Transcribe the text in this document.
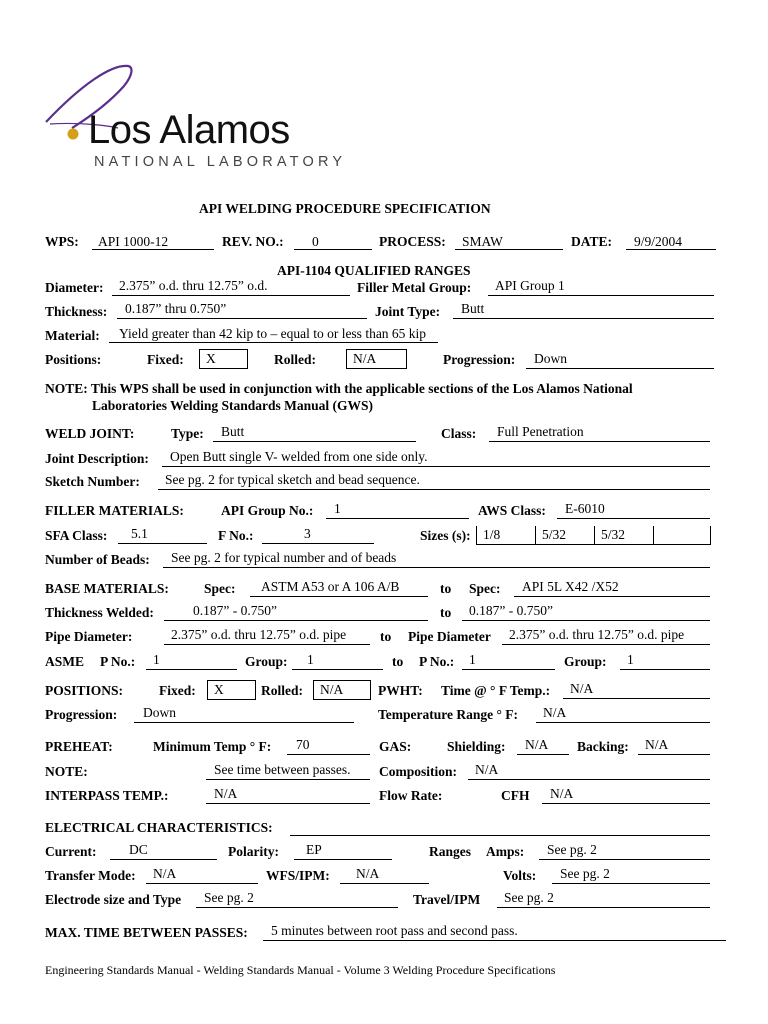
Los Alamos
NATIONAL LABORATORY
API WELDING PROCEDURE SPECIFICATION
WPS: API 1000-12	REV. NO.: 0	PROCESS: SMAW	DATE: 9/9/2004
API-1104 QUALIFIED RANGES
Diameter: 2.375” o.d. thru 12.75” o.d.	Filler Metal Group: API Group 1
Thickness: 0.187” thru 0.750”	Joint Type: Butt
Material: Yield greater than 42 kip to – equal to or less than 65 kip
Positions:	Fixed:	X	Rolled:	N/A	Progression: Down
NOTE: This WPS shall be used in conjunction with the applicable sections of the Los Alamos National
Laboratories Welding Standards Manual (GWS)
WELD JOINT:	Type: Butt	Class: Full Penetration
Joint Description: Open Butt single V- welded from one side only.
Sketch Number: See pg. 2 for typical sketch and bead sequence.
FILLER MATERIALS:	API Group No.: 1	AWS Class: E-6010
SFA Class: 5.1	F No.:	3	Sizes (s): 1/8	5/32	5/32
Number of Beads: See pg. 2 for typical number and of beads
BASE MATERIALS:	Spec: ASTM A53 or A 106 A/B	to Spec: API 5L X42 /X52
Thickness Welded:	0.187” - 0.750”	to 0.187” - 0.750”
Pipe Diameter:	2.375” o.d. thru 12.75” o.d. pipe	to Pipe Diameter 2.375” o.d. thru 12.75” o.d. pipe
ASME P No.: 1	Group: 1	to P No.: 1	Group: 1
POSITIONS:	Fixed:	X	Rolled:	N/A	PWHT: Time @ ° F Temp.: N/A
Progression: Down	Temperature Range ° F: N/A
PREHEAT:	Minimum Temp ° F: 70	GAS:	Shielding: N/A Backing: N/A
NOTE:	See time between passes. Composition: N/A
INTERPASS TEMP.:	N/A	Flow Rate:	CFH N/A
ELECTRICAL CHARACTERISTICS:
Current: DC	Polarity: EP	Ranges Amps: See pg. 2
Transfer Mode: N/A	WFS/IPM: N/A	Volts: See pg. 2
Electrode size and Type See pg. 2	Travel/IPM See pg. 2
MAX. TIME BETWEEN PASSES: 5 minutes between root pass and second pass.
Engineering Standards Manual - Welding Standards Manual - Volume 3 Welding Procedure Specifications
